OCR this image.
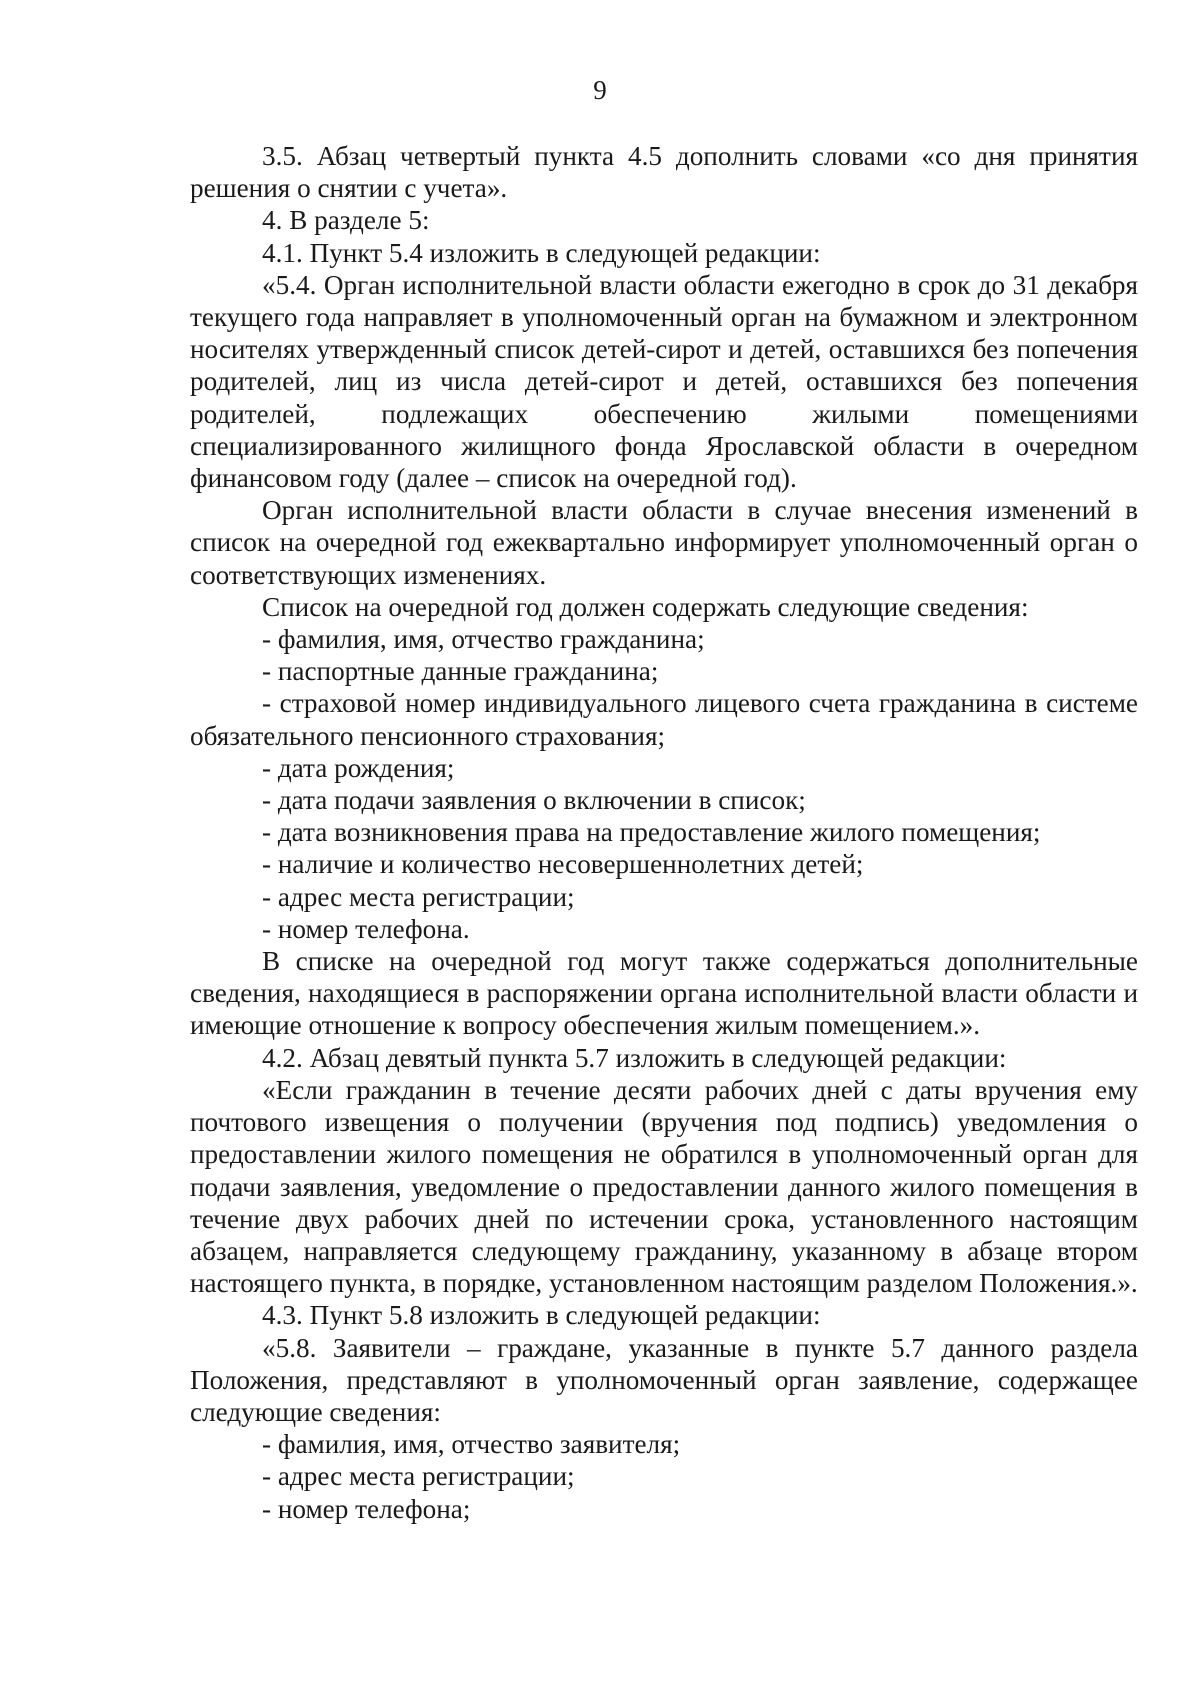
9

3.5. Абзац четвертый пункта 4.5 дополнить словами «со дня принятия решения о снятии с учета».

4. В разделе 5:

4.1. Пункт 5.4 изложить в следующей редакции:

«5.4. Орган исполнительной власти области ежегодно в срок до 31 декабря текущего года направляет в уполномоченный орган на бумажном и электронном носителях утвержденный список детей-сирот и детей, оставшихся без попечения родителей, лиц из числа детей-сирот и детей, оставшихся без попечения родителей, подлежащих обеспечению жилыми помещениями специализированного жилищного фонда Ярославской области в очередном финансовом году (далее – список на очередной год).

Орган исполнительной власти области в случае внесения изменений в список на очередной год ежеквартально информирует уполномоченный орган о соответствующих изменениях.

Список на очередной год должен содержать следующие сведения:

- фамилия, имя, отчество гражданина;

- паспортные данные гражданина;

- страховой номер индивидуального лицевого счета гражданина в системе обязательного пенсионного страхования;

- дата рождения;

- дата подачи заявления о включении в список;

- дата возникновения права на предоставление жилого помещения;

- наличие и количество несовершеннолетних детей;

- адрес места регистрации;

- номер телефона.

В списке на очередной год могут также содержаться дополнительные сведения, находящиеся в распоряжении органа исполнительной власти области и имеющие отношение к вопросу обеспечения жилым помещением.».

4.2. Абзац девятый пункта 5.7 изложить в следующей редакции:

«Если гражданин в течение десяти рабочих дней с даты вручения ему почтового извещения о получении (вручения под подпись) уведомления о предоставлении жилого помещения не обратился в уполномоченный орган для подачи заявления, уведомление о предоставлении данного жилого помещения в течение двух рабочих дней по истечении срока, установленного настоящим абзацем, направляется следующему гражданину, указанному в абзаце втором настоящего пункта, в порядке, установленном настоящим разделом Положения.».

4.3. Пункт 5.8 изложить в следующей редакции:

«5.8. Заявители – граждане, указанные в пункте 5.7 данного раздела Положения, представляют в уполномоченный орган заявление, содержащее следующие сведения:

- фамилия, имя, отчество заявителя;

- адрес места регистрации;

- номер телефона;
